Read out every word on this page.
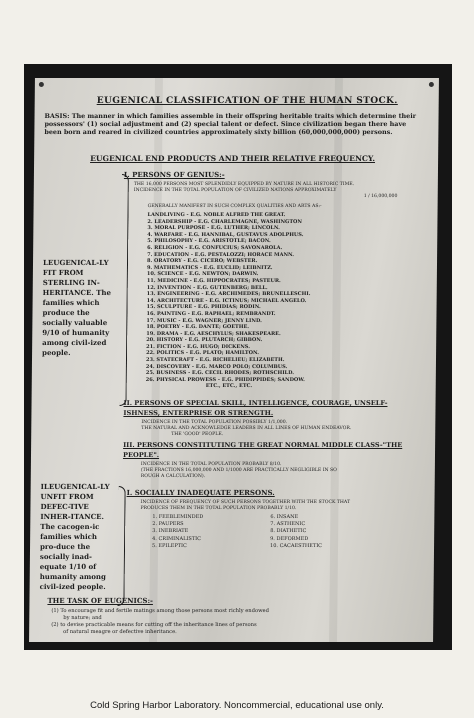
EUGENICAL CLASSIFICATION OF THE HUMAN STOCK.
BASIS: The manner in which families assemble in their offspring heritable traits which determine their possessors' (1) social adjustment and (2) special talent or defect. Since civilization began there have been born and reared in civilized countries approximately sixty billion (60,000,000,000) persons.
EUGENICAL END PRODUCTS AND THEIR RELATIVE FREQUENCY.
I. PERSONS OF GENIUS:-
THE 16,000 PERSONS MOST SPLENDIDLY EQUIPPED BY NATURE IN ALL HISTORIC TIME.
INCIDENCE IN THE TOTAL POPULATION OF CIVILIZED NATIONS APPROXIMATELY
1 / 16,000,000
GENERALLY MANIFEST IN SUCH COMPLEX QUALITIES AND ARTS AS:-
LANDLIVING - E.G. NOBLE ALFRED THE GREAT.
2. LEADERSHIP - E.G. CHARLEMAGNE, WASHINGTON
3. MORAL PURPOSE - E.G. LUTHER; LINCOLN.
4. WARFARE - E.G. HANNIBAL, GUSTAVUS ADOLPHUS.
5. PHILOSOPHY - E.G. ARISTOTLE; BACON.
6. RELIGION - E.G. CONFUCIUS; SAVONAROLA.
7. EDUCATION - E.G. PESTALOZZI; HORACE MANN.
8. ORATORY - E.G. CICERO; WEBSTER.
9. MATHEMATICS - E.G. EUCLID; LEIBNITZ.
10. SCIENCE - E.G. NEWTON; DARWIN.
11. MEDICINE - E.G. HIPPOCRATES; PASTEUR.
12. INVENTION - E.G. GUTENBERG; BELL.
13. ENGINEERING - E.G. ARCHIMEDES; BRUNELLESCHI.
14. ARCHITECTURE - E.G. ICTINUS; MICHAEL ANGELO.
15. SCULPTURE - E.G. PHIDIAS; RODIN.
16. PAINTING - E.G. RAPHAEL; REMBRANDT.
17. MUSIC - E.G. WAGNER; JENNY LIND.
18. POETRY - E.G. DANTE; GOETHE.
19. DRAMA - E.G. AESCHYLUS; SHAKESPEARE.
20. HISTORY - E.G. PLUTARCH; GIBBON.
21. FICTION - E.G. HUGO; DICKENS.
22. POLITICS - E.G. PLATO; HAMILTON.
23. STATECRAFT - E.G. RICHELIEU; ELIZABETH.
24. DISCOVERY - E.G. MARCO POLO; COLUMBUS.
25. BUSINESS - E.G. CECIL RHODES; ROTHSCHILD.
26. PHYSICAL PROWESS - E.G. PHIDIPPIDES; SANDOW.
ETC., ETC., ETC.
LEUGENICAL-LY FIT FROM STERLING IN-HERITANCE. The families which produce the socially valuable 9/10 of humanity among civil-ized people.
II. PERSONS OF SPECIAL SKILL, INTELLIGENCE, COURAGE, UNSELF-ISHNESS, ENTERPRISE OR STRENGTH.
INCIDENCE IN THE TOTAL POPULATION POSSIBLY 1/1,000.
THE NATURAL AND ACKNOWLEDGE LEADERS IN ALL LINES OF HUMAN ENDEAVOR.
THE 'GOOD' PEOPLE.
III. PERSONS CONSTITUTING THE GREAT NORMAL MIDDLE CLASS-"THE PEOPLE".
INCIDENCE IN THE TOTAL POPULATION PROBABLY 8/10.
(THE FRACTIONS 16,000,000 AND 1/1000 ARE PRACTICALLY NEGLIGIBLE IN SO
ROUGH A CALCULATION).
ILEUGENICAL-LY UNFIT FROM DEFEC-TIVE INHER-ITANCE. The cacogen-ic families which pro-duce the socially inad-equate 1/10 of humanity among civil-ized people.
I. SOCIALLY INADEQUATE PERSONS.
INCIDENCE OF FREQUENCY OF SUCH PERSONS TOGETHER WITH THE STOCK THAT
PRODUCES THEM IN THE TOTAL POPULATION PROBABLY 1/10.
1. FEEBLEMINDED
2. PAUPERS
3. INEBRIATE
4. CRIMINALISTIC
5. EPILEPTIC
6. INSANE
7. ASTHENIC
8. DIATHETIC
9. DEFORMED
10. CACAESTHETIC
THE TASK OF EUGENICS:-
(1) To encourage fit and fertile matings among those persons most richly endowed
by nature; and
(2) to devise practicable means for cutting off the inheritance lines of persons
of natural meagre or defective inheritance.
Cold Spring Harbor Laboratory. Noncommercial, educational use only.
